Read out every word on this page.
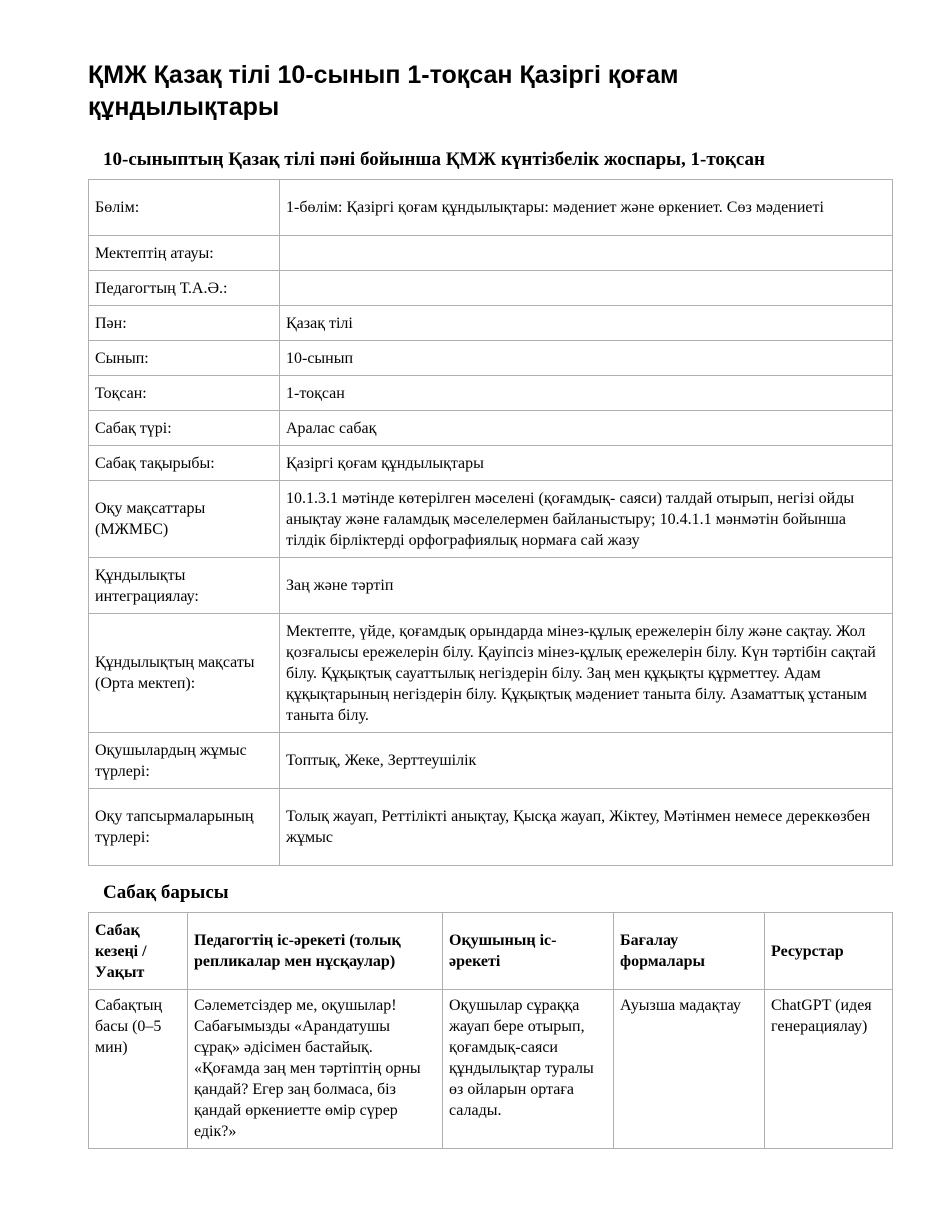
ҚМЖ Қазақ тілі 10-сынып 1-тоқсан Қазіргі қоғам құндылықтары
10-сыныптың Қазақ тілі пәні бойынша ҚМЖ күнтізбелік жоспары, 1-тоқсан
Бөлім:	1-бөлім: Қазіргі қоғам құндылықтары: мәдениет және өркениет. Сөз мәдениеті
Мектептің атауы:	
Педагогтың Т.А.Ә.:	
Пән:	Қазақ тілі
Сынып:	10-сынып
Тоқсан:	1-тоқсан
Сабақ түрі:	Аралас сабақ
Сабақ тақырыбы:	Қазіргі қоғам құндылықтары
Оқу мақсаттары (МЖМБС)	10.1.3.1 мәтінде көтерілген мәселені (қоғамдық- саяси) талдай отырып, негізі ойды анықтау және ғаламдық мәселелермен байланыстыру; 10.4.1.1 мәнмәтін бойынша тілдік бірліктерді орфографиялық нормаға сай жазу
Құндылықты интеграциялау:	Заң және тәртіп
Құндылықтың мақсаты (Орта мектеп):	Мектепте, үйде, қоғамдық орындарда мінез-құлық ережелерін білу және сақтау. Жол қозғалысы ережелерін білу. Қауіпсіз мінез-құлық ережелерін білу. Күн тәртібін сақтай білу. Құқықтық сауаттылық негіздерін білу. Заң мен құқықты құрметтеу. Адам құқықтарының негіздерін білу. Құқықтық мәдениет таныта білу. Азаматтық ұстаным таныта білу.
Оқушылардың жұмыс түрлері:	Топтық, Жеке, Зерттеушілік
Оқу тапсырмаларының түрлері:	Толық жауап, Реттілікті анықтау, Қысқа жауап, Жіктеу, Мәтінмен немесе дереккөзбен жұмыс
Сабақ барысы
Сабақ кезеңі / Уақыт	Педагогтің іс-әрекеті (толық репликалар мен нұсқаулар)	Оқушының іс-әрекеті	Бағалау формалары	Ресурстар
Сабақтың басы (0–5 мин)	Сәлеметсіздер ме, оқушылар! Сабағымызды «Арандатушы сұрақ» әдісімен бастайық. «Қоғамда заң мен тәртіптің орны қандай? Егер заң болмаса, біз қандай өркениетте өмір сүрер едік?»	Оқушылар сұраққа жауап бере отырып, қоғамдық-саяси құндылықтар туралы өз ойларын ортаға салады.	Ауызша мадақтау	ChatGPT (идея генерациялау)
